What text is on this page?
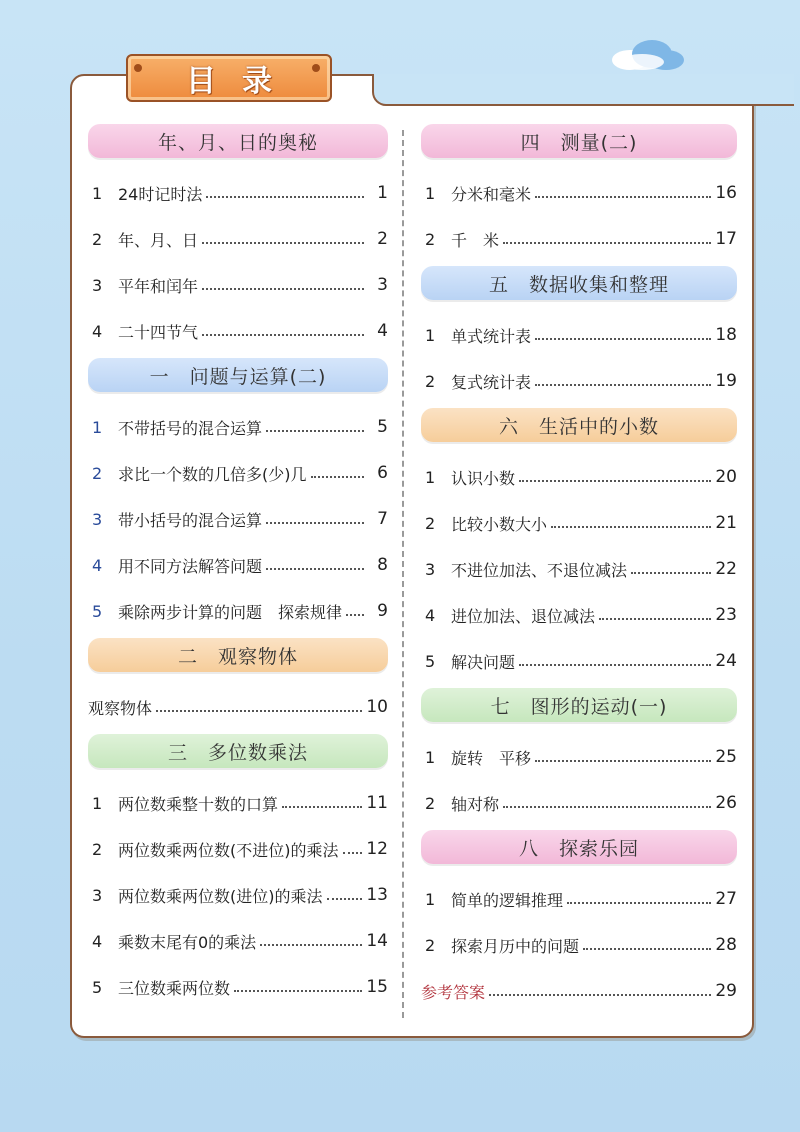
目录
年、月、日的奥秘
1 24时记时法	1
2 年、月、日	2
3 平年和闰年	3
4 二十四节气	4
一　问题与运算(二)
1 不带括号的混合运算	5
2 求比一个数的几倍多(少)几	6
3 带小括号的混合运算	7
4 用不同方法解答问题	8
5 乘除两步计算的问题　探索规律	9
二　观察物体
观察物体	10
三　多位数乘法
1 两位数乘整十数的口算	11
2 两位数乘两位数(不进位)的乘法 12
3 两位数乘两位数(进位)的乘法	13
4 乘数末尾有0的乘法	14
5 三位数乘两位数	15
四　测量(二)
1 分米和毫米	16
2 千　米	17
五　数据收集和整理
1 单式统计表	18
2 复式统计表	19
六　生活中的小数
1 认识小数	20
2 比较小数大小	21
3 不进位加法、不退位减法	22
4 进位加法、退位减法	23
5 解决问题	24
七　图形的运动(一)
1 旋转　平移	25
2 轴对称	26
八　探索乐园
1 简单的逻辑推理	27
2 探索月历中的问题	28
参考答案	29
